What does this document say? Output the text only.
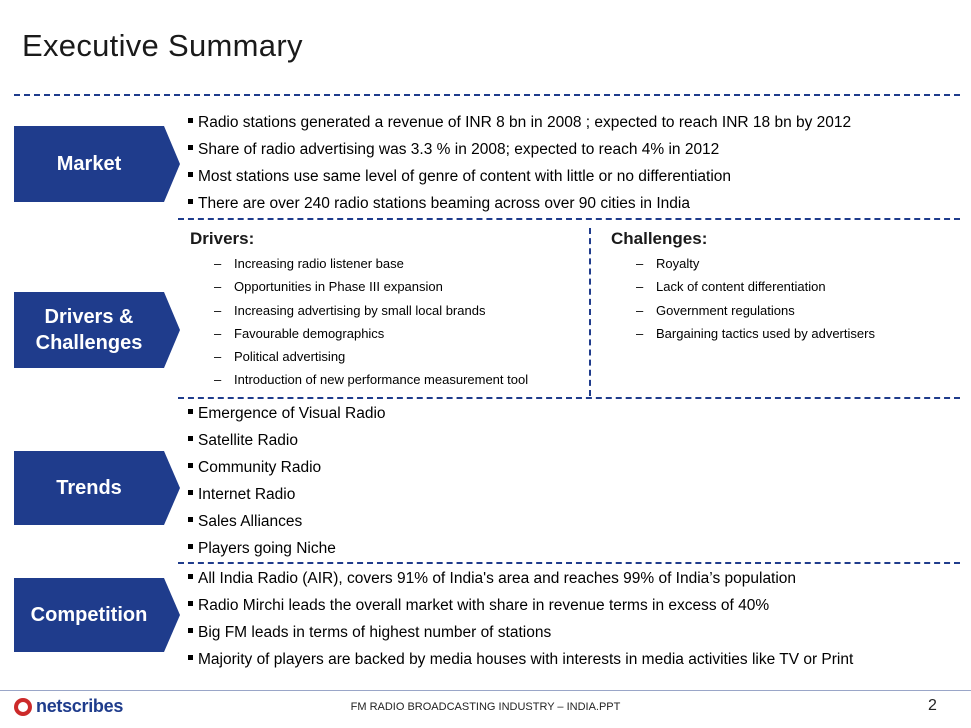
Executive Summary
Market
Radio stations generated a revenue of INR 8 bn in 2008 ; expected to reach INR 18 bn by 2012
Share of radio advertising was 3.3 % in 2008; expected to reach 4% in 2012
Most stations use same level of genre of content with little or no differentiation
There are over 240 radio stations beaming across over 90 cities in India
Drivers & Challenges
Drivers:
– Increasing radio listener base
– Opportunities in Phase III expansion
– Increasing advertising by small local brands
– Favourable demographics
– Political advertising
– Introduction of new performance measurement tool
Challenges:
– Royalty
– Lack of content differentiation
– Government regulations
– Bargaining tactics used by advertisers
Trends
Emergence of Visual Radio
Satellite Radio
Community Radio
Internet Radio
Sales Alliances
Players going Niche
Competition
All India Radio (AIR), covers 91% of India's area and reaches 99% of India’s population
Radio Mirchi leads the overall market with share in revenue terms in excess of 40%
Big FM leads in terms of highest number of stations
Majority of players are backed by media houses with interests in media activities like TV or Print
netscribes	FM RADIO BROADCASTING INDUSTRY – INDIA.PPT	2
